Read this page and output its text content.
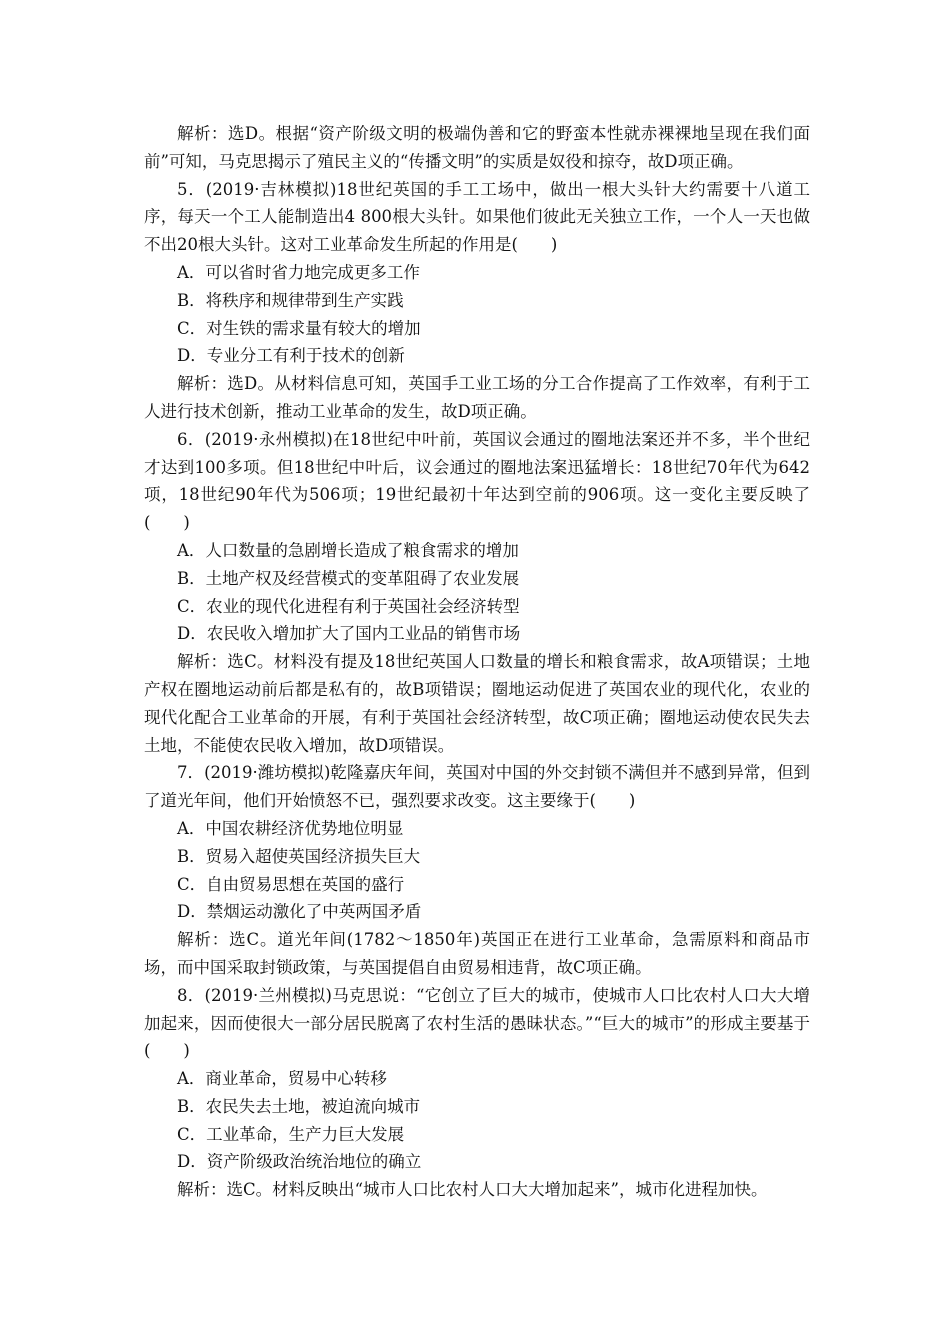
解析：选D。根据“资产阶级文明的极端伪善和它的野蛮本性就赤裸裸地呈现在我们面前”可知，马克思揭示了殖民主义的“传播文明”的实质是奴役和掠夺，故D项正确。

5．(2019·吉林模拟)18世纪英国的手工工场中，做出一根大头针大约需要十八道工序，每天一个工人能制造出4 800根大头针。如果他们彼此无关独立工作，一个人一天也做不出20根大头针。这对工业革命发生所起的作用是(　　)

A．可以省时省力地完成更多工作

B．将秩序和规律带到生产实践

C．对生铁的需求量有较大的增加

D．专业分工有利于技术的创新

解析：选D。从材料信息可知，英国手工业工场的分工合作提高了工作效率，有利于工人进行技术创新，推动工业革命的发生，故D项正确。

6．(2019·永州模拟)在18世纪中叶前，英国议会通过的圈地法案还并不多，半个世纪才达到100多项。但18世纪中叶后，议会通过的圈地法案迅猛增长：18世纪70年代为642项，18世纪90年代为506项；19世纪最初十年达到空前的906项。这一变化主要反映了(　　)

A．人口数量的急剧增长造成了粮食需求的增加

B．土地产权及经营模式的变革阻碍了农业发展

C．农业的现代化进程有利于英国社会经济转型

D．农民收入增加扩大了国内工业品的销售市场

解析：选C。材料没有提及18世纪英国人口数量的增长和粮食需求，故A项错误；土地产权在圈地运动前后都是私有的，故B项错误；圈地运动促进了英国农业的现代化，农业的现代化配合工业革命的开展，有利于英国社会经济转型，故C项正确；圈地运动使农民失去土地，不能使农民收入增加，故D项错误。

7．(2019·潍坊模拟)乾隆嘉庆年间，英国对中国的外交封锁不满但并不感到异常，但到了道光年间，他们开始愤怒不已，强烈要求改变。这主要缘于(　　)

A．中国农耕经济优势地位明显

B．贸易入超使英国经济损失巨大

C．自由贸易思想在英国的盛行

D．禁烟运动激化了中英两国矛盾

解析：选C。道光年间(1782～1850年)英国正在进行工业革命，急需原料和商品市场，而中国采取封锁政策，与英国提倡自由贸易相违背，故C项正确。

8．(2019·兰州模拟)马克思说：“它创立了巨大的城市，使城市人口比农村人口大大增加起来，因而使很大一部分居民脱离了农村生活的愚昧状态。”“巨大的城市”的形成主要基于(　　)

A．商业革命，贸易中心转移

B．农民失去土地，被迫流向城市

C．工业革命，生产力巨大发展

D．资产阶级政治统治地位的确立

解析：选C。材料反映出“城市人口比农村人口大大增加起来”，城市化进程加快。
